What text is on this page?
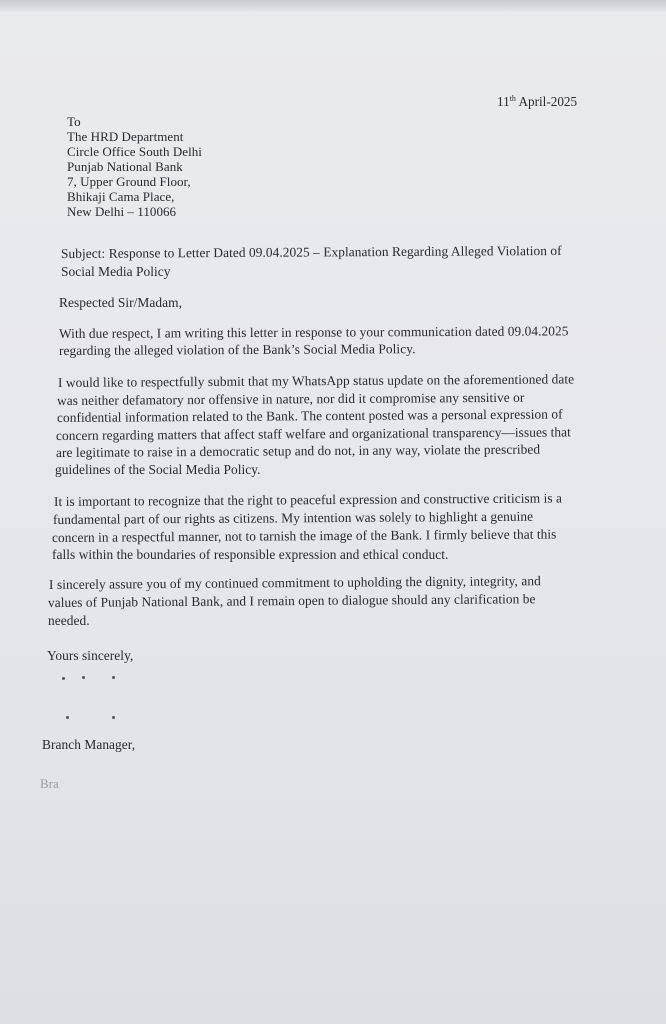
11th April-2025
To
The HRD Department
Circle Office South Delhi
Punjab National Bank
7, Upper Ground Floor,
Bhikaji Cama Place,
New Delhi – 110066
Subject: Response to Letter Dated 09.04.2025 – Explanation Regarding Alleged Violation of
Social Media Policy
Respected Sir/Madam,
With due respect, I am writing this letter in response to your communication dated 09.04.2025
regarding the alleged violation of the Bank’s Social Media Policy.
I would like to respectfully submit that my WhatsApp status update on the aforementioned date
was neither defamatory nor offensive in nature, nor did it compromise any sensitive or
confidential information related to the Bank. The content posted was a personal expression of
concern regarding matters that affect staff welfare and organizational transparency—issues that
are legitimate to raise in a democratic setup and do not, in any way, violate the prescribed
guidelines of the Social Media Policy.
It is important to recognize that the right to peaceful expression and constructive criticism is a
fundamental part of our rights as citizens. My intention was solely to highlight a genuine
concern in a respectful manner, not to tarnish the image of the Bank. I firmly believe that this
falls within the boundaries of responsible expression and ethical conduct.
I sincerely assure you of my continued commitment to upholding the dignity, integrity, and
values of Punjab National Bank, and I remain open to dialogue should any clarification be
needed.
Yours sincerely,
Branch Manager,
Bra
